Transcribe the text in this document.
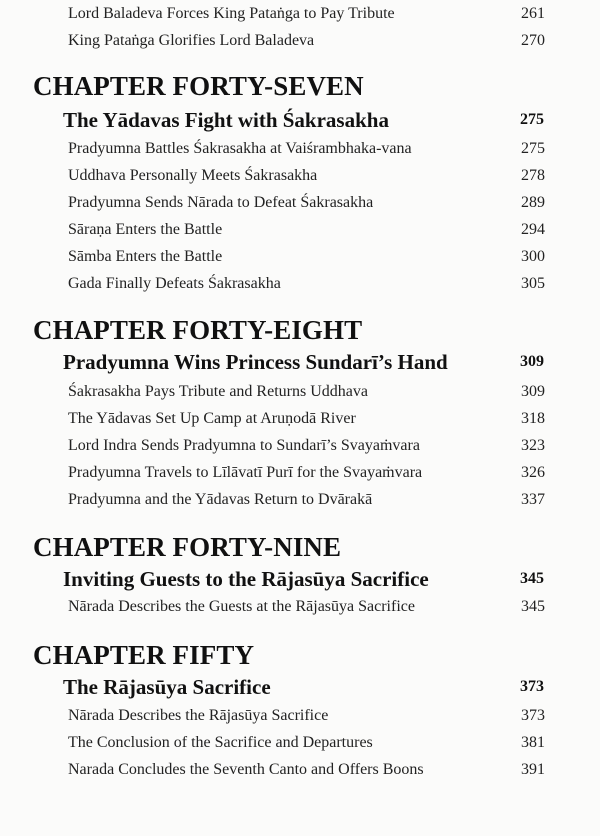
Lord Baladeva Forces King Pataṅga to Pay Tribute	261
King Pataṅga Glorifies Lord Baladeva	270
CHAPTER FORTY-SEVEN
The Yādavas Fight with Śakrasakha	275
Pradyumna Battles Śakrasakha at Vaiśrambhaka-vana	275
Uddhava Personally Meets Śakrasakha	278
Pradyumna Sends Nārada to Defeat Śakrasakha	289
Sāraṇa Enters the Battle	294
Sāmba Enters the Battle	300
Gada Finally Defeats Śakrasakha	305
CHAPTER FORTY-EIGHT
Pradyumna Wins Princess Sundarī’s Hand	309
Śakrasakha Pays Tribute and Returns Uddhava	309
The Yādavas Set Up Camp at Aruṇodā River	318
Lord Indra Sends Pradyumna to Sundarī’s Svayaṁvara	323
Pradyumna Travels to Līlāvatī Purī for the Svayaṁvara	326
Pradyumna and the Yādavas Return to Dvārakā	337
CHAPTER FORTY-NINE
Inviting Guests to the Rājasūya Sacrifice	345
Nārada Describes the Guests at the Rājasūya Sacrifice	345
CHAPTER FIFTY
The Rājasūya Sacrifice	373
Nārada Describes the Rājasūya Sacrifice	373
The Conclusion of the Sacrifice and Departures	381
Narada Concludes the Seventh Canto and Offers Boons	391
